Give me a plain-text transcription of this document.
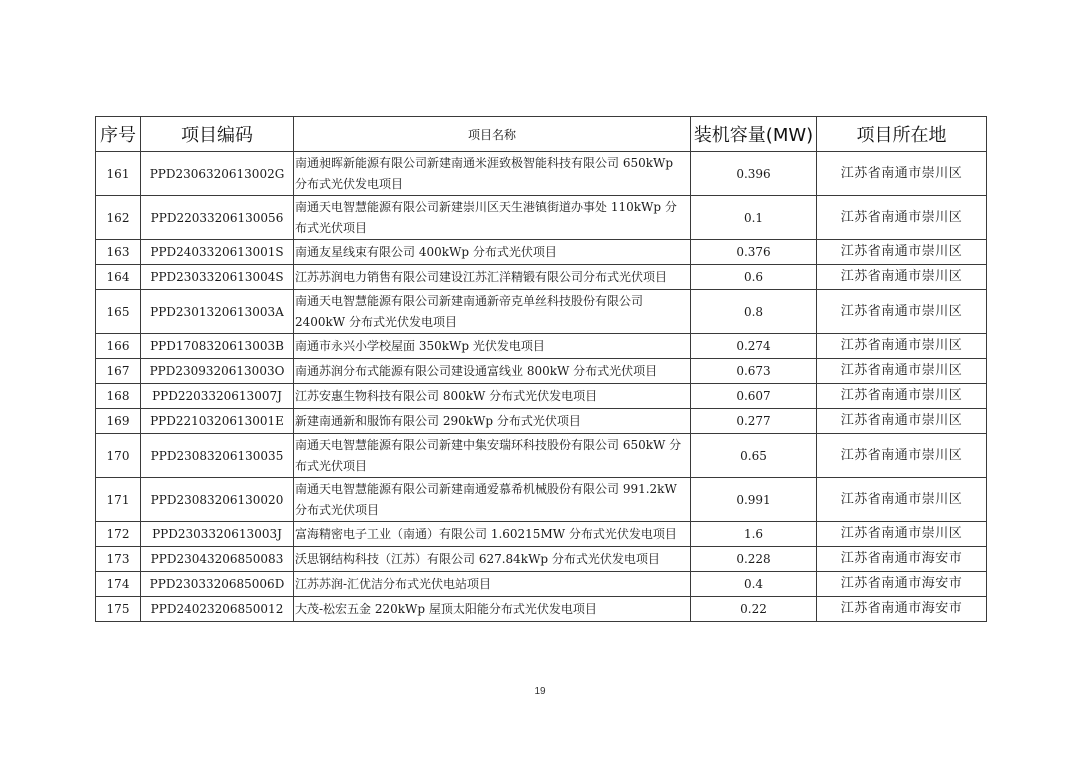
序号	项目编码	项目名称	装机容量(MW)	项目所在地
161	PPD2306320613002G	南通昶晖新能源有限公司新建南通米涯致极智能科技有限公司 650kWp 分布式光伏发电项目	0.396	江苏省南通市崇川区
162	PPD22033206130056	南通天电智慧能源有限公司新建崇川区天生港镇街道办事处 110kWp 分布式光伏项目	0.1	江苏省南通市崇川区
163	PPD2403320613001S	南通友星线束有限公司 400kWp 分布式光伏项目	0.376	江苏省南通市崇川区
164	PPD2303320613004S	江苏苏润电力销售有限公司建设江苏汇洋精锻有限公司分布式光伏项目	0.6	江苏省南通市崇川区
165	PPD2301320613003A	南通天电智慧能源有限公司新建南通新帝克单丝科技股份有限公司 2400kW 分布式光伏发电项目	0.8	江苏省南通市崇川区
166	PPD1708320613003B	南通市永兴小学校屋面 350kWp 光伏发电项目	0.274	江苏省南通市崇川区
167	PPD2309320613003O	南通苏润分布式能源有限公司建设通富线业 800kW 分布式光伏项目	0.673	江苏省南通市崇川区
168	PPD2203320613007J	江苏安惠生物科技有限公司 800kW 分布式光伏发电项目	0.607	江苏省南通市崇川区
169	PPD2210320613001E	新建南通新和服饰有限公司 290kWp 分布式光伏项目	0.277	江苏省南通市崇川区
170	PPD23083206130035	南通天电智慧能源有限公司新建中集安瑞环科技股份有限公司 650kW 分布式光伏项目	0.65	江苏省南通市崇川区
171	PPD23083206130020	南通天电智慧能源有限公司新建南通爱慕希机械股份有限公司 991.2kW 分布式光伏项目	0.991	江苏省南通市崇川区
172	PPD2303320613003J	富海精密电子工业（南通）有限公司 1.60215MW 分布式光伏发电项目	1.6	江苏省南通市崇川区
173	PPD23043206850083	沃思钢结构科技（江苏）有限公司 627.84kWp 分布式光伏发电项目	0.228	江苏省南通市海安市
174	PPD2303320685006D	江苏苏润-汇优洁分布式光伏电站项目	0.4	江苏省南通市海安市
175	PPD24023206850012	大茂-松宏五金 220kWp 屋顶太阳能分布式光伏发电项目	0.22	江苏省南通市海安市
19
